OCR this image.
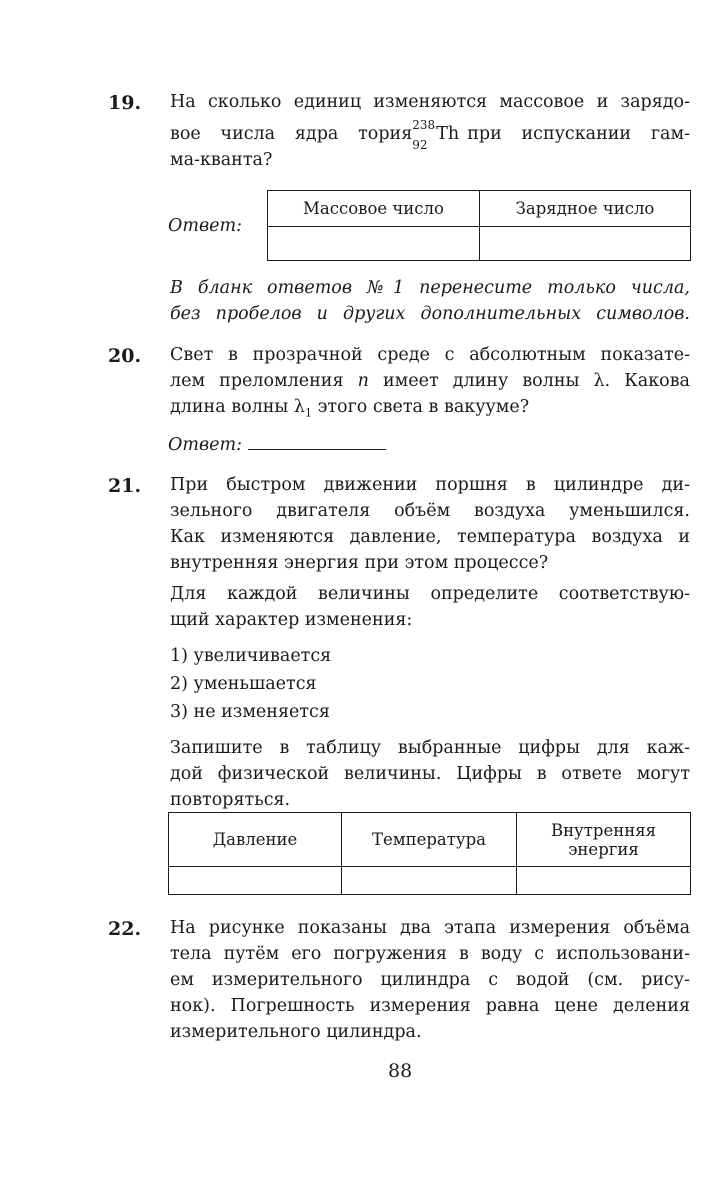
19. На сколько единиц изменяются массовое и зарядо-
вое числа ядра тория 238
92
Th при испускании гам-
ма-кванта?
Ответ:
Массовое число	Зарядное число

В бланк ответов №1 перенесите только числа,
без пробелов и других дополнительных символов.
20. Свет в прозрачной среде с абсолютным показате-
лем преломления n имеет длину волны λ. Какова
длина волны $\lambda_1$ этого света в вакууме?
Ответ:
21. При быстром движении поршня в цилиндре ди-
зельного двигателя объём воздуха уменьшился.
Как изменяются давление, температура воздуха и
внутренняя энергия при этом процессе?
Для каждой величины определите соответствую-
щий характер изменения:
1) увеличивается
2) уменьшается
3) не изменяется
Запишите в таблицу выбранные цифры для каж-
дой физической величины. Цифры в ответе могут
повторяться.
Давление	Температура	Внутренняя
энергия

22. На рисунке показаны два этапа измерения объёма
тела путём его погружения в воду с использовани-
ем измерительного цилиндра с водой (см. рису-
нок). Погрешность измерения равна цене деления
измерительного цилиндра.
88
